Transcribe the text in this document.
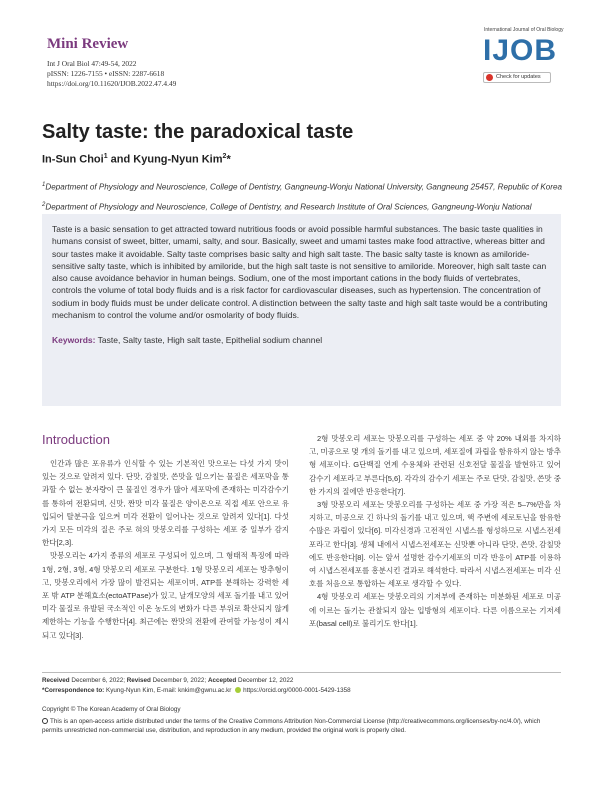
Mini Review
Int J Oral Biol 47:49-54, 2022
pISSN: 1226-7155 • eISSN: 2287-6618
https://doi.org/10.11620/IJOB.2022.47.4.49
International Journal of Oral Biology
IJOB
Check for updates
Salty taste: the paradoxical taste
In-Sun Choi$^1$ and Kyung-Nyun Kim$^2$*
$^1$Department of Physiology and Neuroscience, College of Dentistry, Gangneung-Wonju National University, Gangneung 25457, Republic of Korea
$^2$Department of Physiology and Neuroscience, College of Dentistry, and Research Institute of Oral Sciences, Gangneung-Wonju National

Taste is a basic sensation to get attracted toward nutritious foods or avoid possible harmful substances. The basic taste qualities in humans consist of sweet, bitter, umami, salty, and sour. Basically, sweet and umami tastes make food attractive, whereas bitter and sour tastes make it avoidable. Salty taste comprises basic salty and high salt taste. The basic salty taste is known as amiloride-sensitive salty taste, which is inhibited by amiloride, but the high salt taste is not sensitive to amiloride. Moreover, high salt taste can also cause avoidance behavior in human beings. Sodium, one of the most important cations in the body fluids of vertebrates, controls the volume of total body fluids and is a risk factor for cardiovascular diseases, such as hypertension. The concentration of sodium in body fluids must be under delicate control. A distinction between the salty taste and high salt taste would be a contributing mechanism to control the volume and/or osmolarity of body fluids.

Keywords: Taste, Salty taste, High salt taste, Epithelial sodium channel
Introduction

인간과 많은 포유류가 인식할 수 있는 기본적인 맛으로는 다섯 가지 맛이 있는 것으로 알려져 있다. 단맛, 감칠맛, 쓴맛을 일으키는 물질은 세포막을 통과할 수 없는 분자량이 큰 물질인 경우가 많아 세포막에 존재하는 미각감수기를 통하여 전환되며, 신맛, 짠맛 미각 물질은 양이온으로 직접 세포 안으로 유입되어 탈분극을 일으켜 미각 전환이 일어나는 것으로 알려져 있다[1]. 다섯 가지 모든 미각의 질은 주로 혀의 맛봉오리를 구성하는 세포 중 일부가 감지한다[2,3].

맛봉오리는 4가지 종류의 세포로 구성되어 있으며, 그 형태적 특징에 따라 1형, 2형, 3형, 4형 맛봉오리 세포로 구분한다. 1형 맛봉오리 세포는 방추형이고, 맛봉오리에서 가장 많이 발견되는 세포이며, ATP를 분해하는 강력한 세포 밖 ATP 분해효소(ectoATPase)가 있고, 날개모양의 세포 돌기를 내고 있어 미각 물질로 유발된 국소적인 이온 농도의 변화가 다른 부위로 확산되지 않게 제한하는 기능을 수행한다[4]. 최근에는 짠맛의 전환에 관여할 가능성이 제시되고 있다[3].

2형 맛봉오리 세포는 맛봉오리를 구성하는 세포 중 약 20% 내외를 차지하고, 미공으로 몇 개의 돌기를 내고 있으며, 세포질에 과립을 함유하지 않는 방추형 세포이다. G단백질 연계 수용체와 관련된 신호전달 물질을 발현하고 있어 감수기 세포라고 부른다[5,6]. 각각의 감수기 세포는 주로 단맛, 감칠맛, 쓴맛 중 한 가지의 질에만 반응한다[7].

3형 맛봉오리 세포는 맛봉오리를 구성하는 세포 중 가장 적은 5–7%만을 차지하고, 미공으로 긴 하나의 돌기를 내고 있으며, 핵 주변에 세로토닌을 함유한 수많은 과립이 있다[6]. 미각신경과 고전적인 시냅스를 형성하므로 시냅스전세포라고 한다[3]. 생체 내에서 시냅스전세포는 신맛뿐 아니라 단맛, 쓴맛, 감칠맛에도 반응한다[8]. 이는 앞서 설명한 감수기세포의 미각 반응이 ATP를 이용하여 시냅스전세포를 흥분시킨 결과로 해석한다. 따라서 시냅스전세포는 미각 신호를 처음으로 통합하는 세포로 생각할 수 있다.

4형 맛봉오리 세포는 맛봉오리의 기저부에 존재하는 미분화된 세포로 미공에 이르는 돌기는 관찰되지 않는 입방형의 세포이다. 다른 이름으로는 기저세포(basal cell)로 불리기도 한다[1].

Received December 6, 2022; Revised December 9, 2022; Accepted December 12, 2022
*Correspondence to: Kyung-Nyun Kim, E-mail: knkim@gwnu.ac.kr https://orcid.org/0000-0001-5429-1358
Copyright © The Korean Academy of Oral Biology
This is an open-access article distributed under the terms of the Creative Commons Attribution Non-Commercial License (http://creativecommons.org/licenses/by-nc/4.0/), which permits unrestricted non-commercial use, distribution, and reproduction in any medium, provided the original work is properly cited.
